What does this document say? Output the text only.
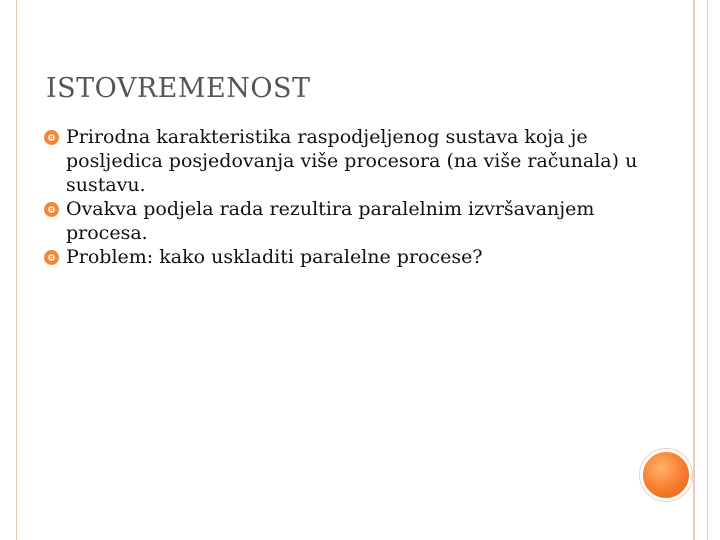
ISTOVREMENOST
Prirodna karakteristika raspodjeljenog sustava koja je posljedica posjedovanja više procesora (na više računala) u sustavu.
Ovakva podjela rada rezultira paralelnim izvršavanjem procesa.
Problem: kako uskladiti paralelne procese?
